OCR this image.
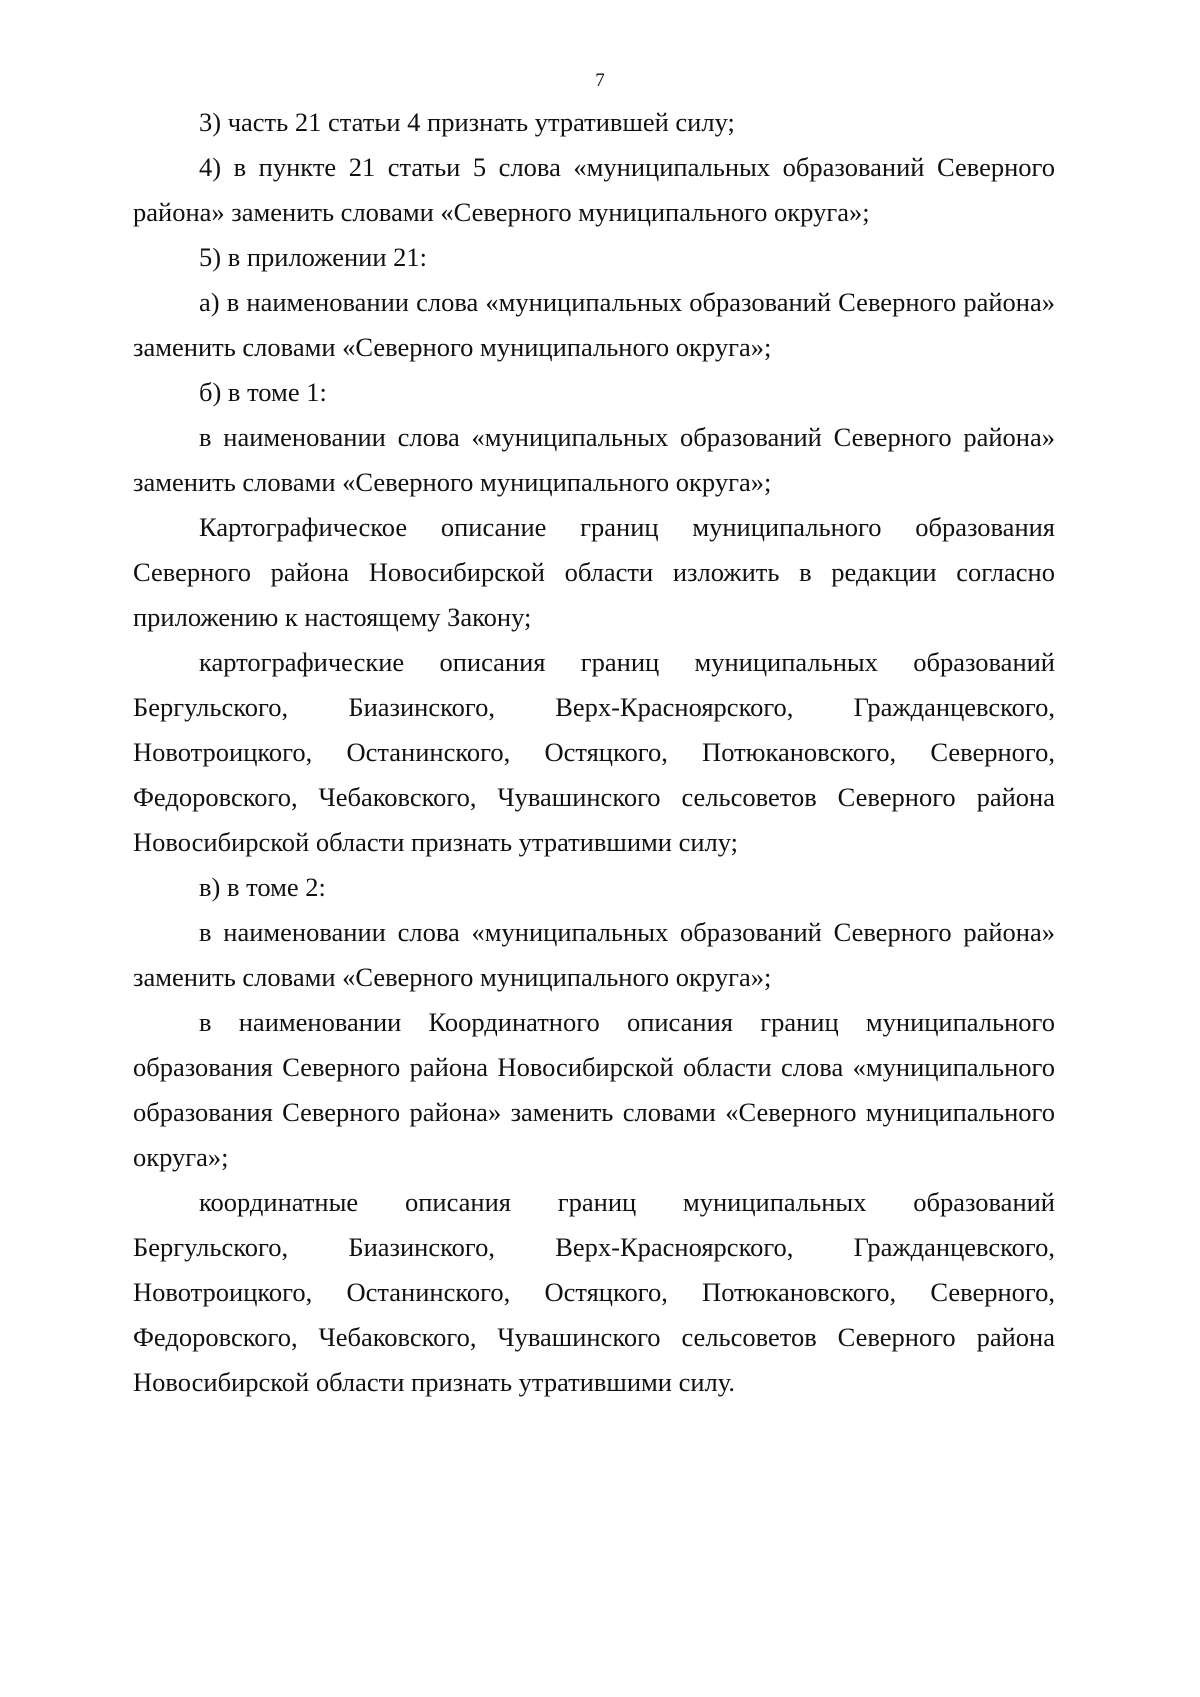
7

3) часть 21 статьи 4 признать утратившей силу;

4) в пункте 21 статьи 5 слова «муниципальных образований Северного района» заменить словами «Северного муниципального округа»;

5) в приложении 21:

а) в наименовании слова «муниципальных образований Северного района» заменить словами «Северного муниципального округа»;

б) в томе 1:

в наименовании слова «муниципальных образований Северного района» заменить словами «Северного муниципального округа»;

Картографическое описание границ муниципального образования Северного района Новосибирской области изложить в редакции согласно приложению к настоящему Закону;

картографические описания границ муниципальных образований Бергульского, Биазинского, Верх-Красноярского, Гражданцевского, Новотроицкого, Останинского, Остяцкого, Потюкановского, Северного, Федоровского, Чебаковского, Чувашинского сельсоветов Северного района Новосибирской области признать утратившими силу;

в) в томе 2:

в наименовании слова «муниципальных образований Северного района» заменить словами «Северного муниципального округа»;

в наименовании Координатного описания границ муниципального образования Северного района Новосибирской области слова «муниципального образования Северного района» заменить словами «Северного муниципального округа»;

координатные описания границ муниципальных образований Бергульского, Биазинского, Верх-Красноярского, Гражданцевского, Новотроицкого, Останинского, Остяцкого, Потюкановского, Северного, Федоровского, Чебаковского, Чувашинского сельсоветов Северного района Новосибирской области признать утратившими силу.
